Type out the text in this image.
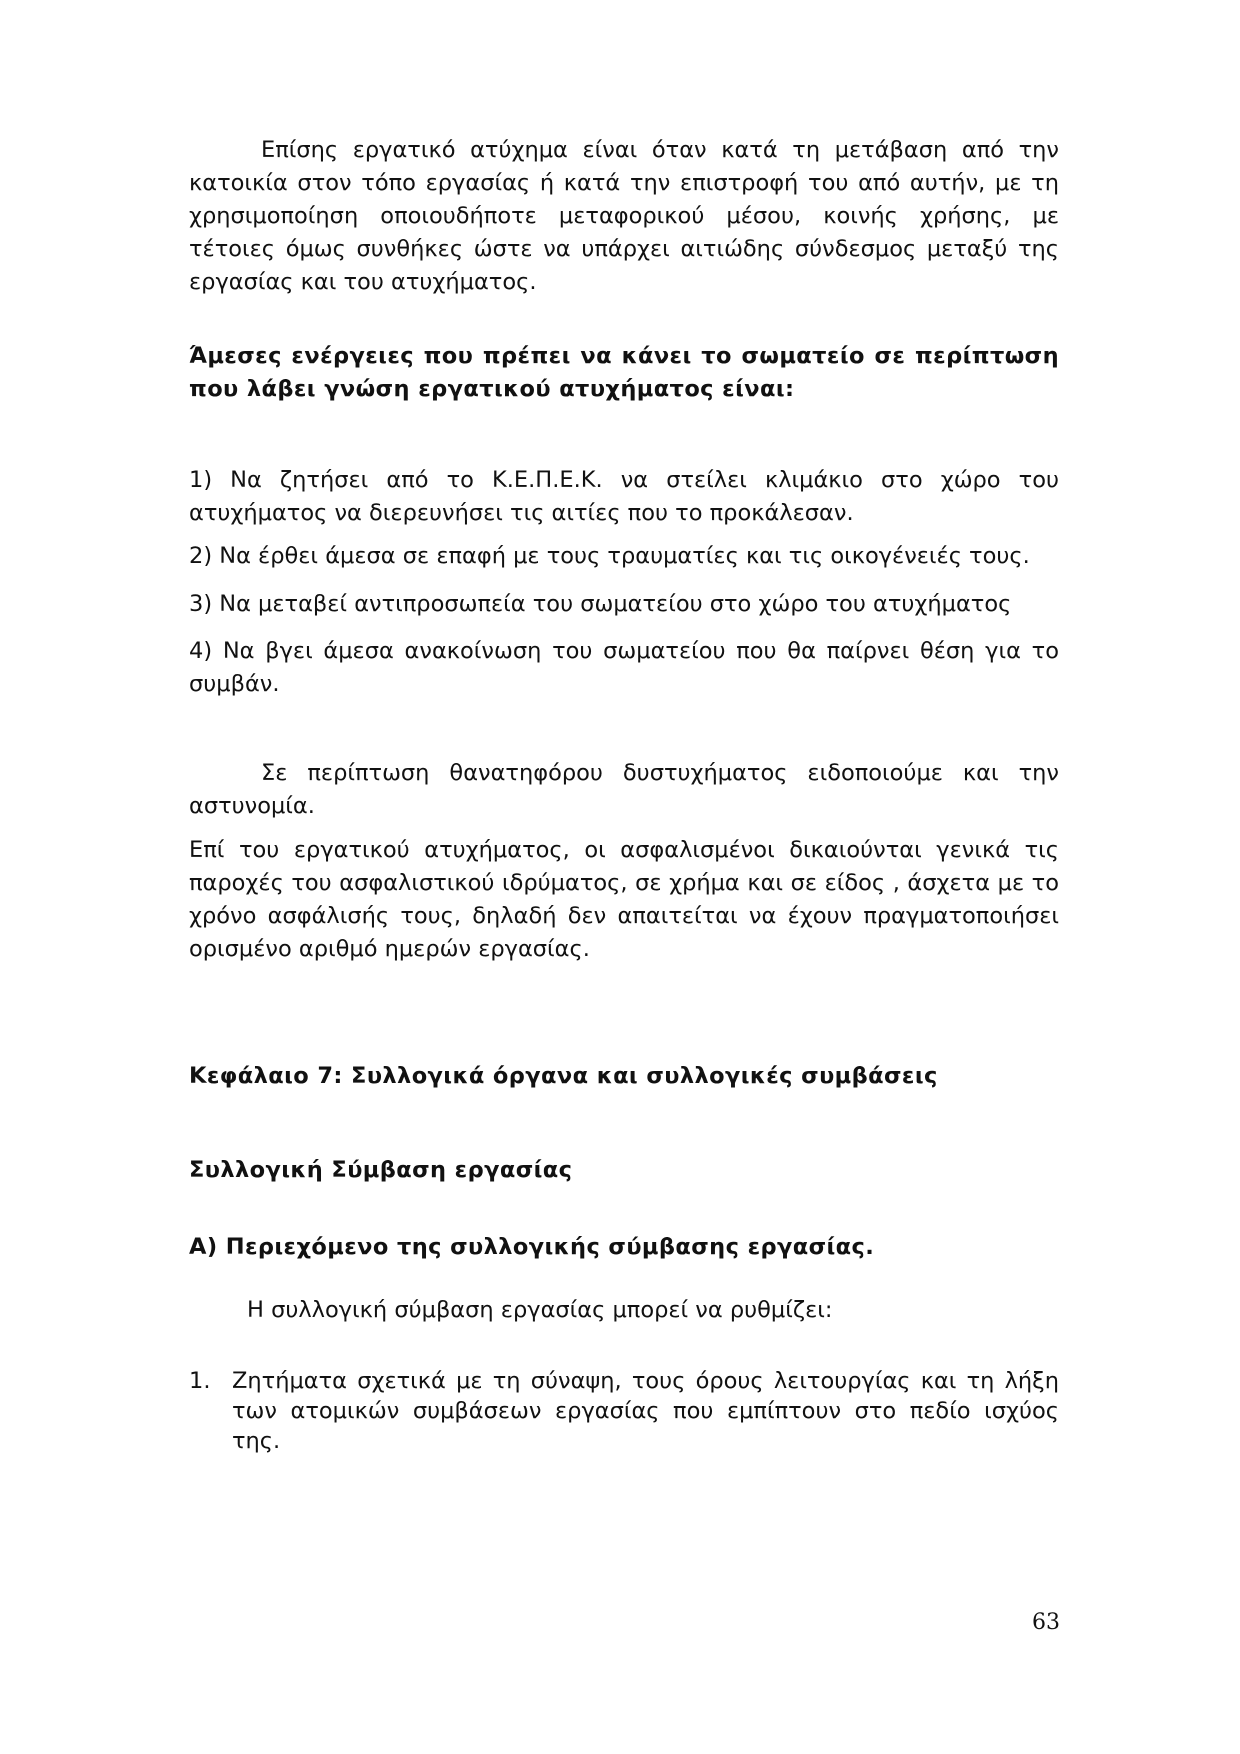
Επίσης εργατικό ατύχημα είναι όταν κατά τη μετάβαση από την κατοικία στον τόπο εργασίας ή κατά την επιστροφή του από αυτήν, με τη χρησιμοποίηση οποιουδήποτε μεταφορικού μέσου, κοινής χρήσης, με τέτοιες όμως συνθήκες ώστε να υπάρχει αιτιώδης σύνδεσμος μεταξύ της εργασίας και του ατυχήματος.

Άμεσες ενέργειες που πρέπει να κάνει το σωματείο σε περίπτωση που λάβει γνώση εργατικού ατυχήματος είναι:

1) Να ζητήσει από το Κ.Ε.Π.Ε.Κ. να στείλει κλιμάκιο στο χώρο του ατυχήματος να διερευνήσει τις αιτίες που το προκάλεσαν.

2) Να έρθει άμεσα σε επαφή με τους τραυματίες και τις οικογένειές τους.

3) Να μεταβεί αντιπροσωπεία του σωματείου στο χώρο του ατυχήματος

4) Να βγει άμεσα ανακοίνωση του σωματείου που θα παίρνει θέση για το συμβάν.

Σε περίπτωση θανατηφόρου δυστυχήματος ειδοποιούμε και την αστυνομία.

Επί του εργατικού ατυχήματος, οι ασφαλισμένοι δικαιούνται γενικά τις παροχές του ασφαλιστικού ιδρύματος, σε χρήμα και σε είδος , άσχετα με το χρόνο ασφάλισής τους, δηλαδή δεν απαιτείται να έχουν πραγματοποιήσει ορισμένο αριθμό ημερών εργασίας.

Κεφάλαιο 7: Συλλογικά όργανα και συλλογικές συμβάσεις

Συλλογική Σύμβαση εργασίας

Α) Περιεχόμενο της συλλογικής σύμβασης εργασίας.

Η συλλογική σύμβαση εργασίας μπορεί να ρυθμίζει:

1. Ζητήματα σχετικά με τη σύναψη, τους όρους λειτουργίας και τη λήξη των ατομικών συμβάσεων εργασίας που εμπίπτουν στο πεδίο ισχύος της.
63
